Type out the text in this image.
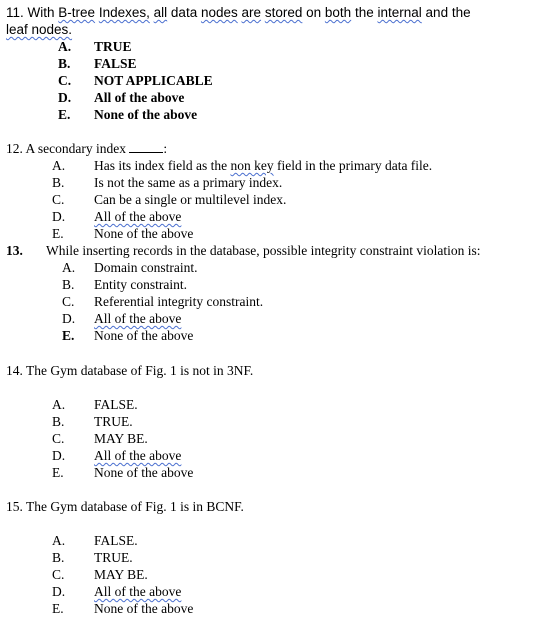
11. With B-tree Indexes, all data nodes are stored on both the internal and the
leaf nodes.
A.	TRUE
B.	FALSE
C.	NOT APPLICABLE
D.	All of the above
E.	None of the above
12. A secondary index	:
A.	Has its index field as the non key field in the primary data file.
B.	Is not the same as a primary index.
C.	Can be a single or multilevel index.
D.	All of the above
E.	None of the above
13. While inserting records in the database, possible integrity constraint violation is:
A.	Domain constraint.
B.	Entity constraint.
C.	Referential integrity constraint.
D.	All of the above
E.	None of the above
14. The Gym database of Fig. 1 is not in 3NF.
A.	FALSE.
B.	TRUE.
C.	MAY BE.
D.	All of the above
E.	None of the above
15. The Gym database of Fig. 1 is in BCNF.
A.	FALSE.
B.	TRUE.
C.	MAY BE.
D.	All of the above
E.	None of the above
